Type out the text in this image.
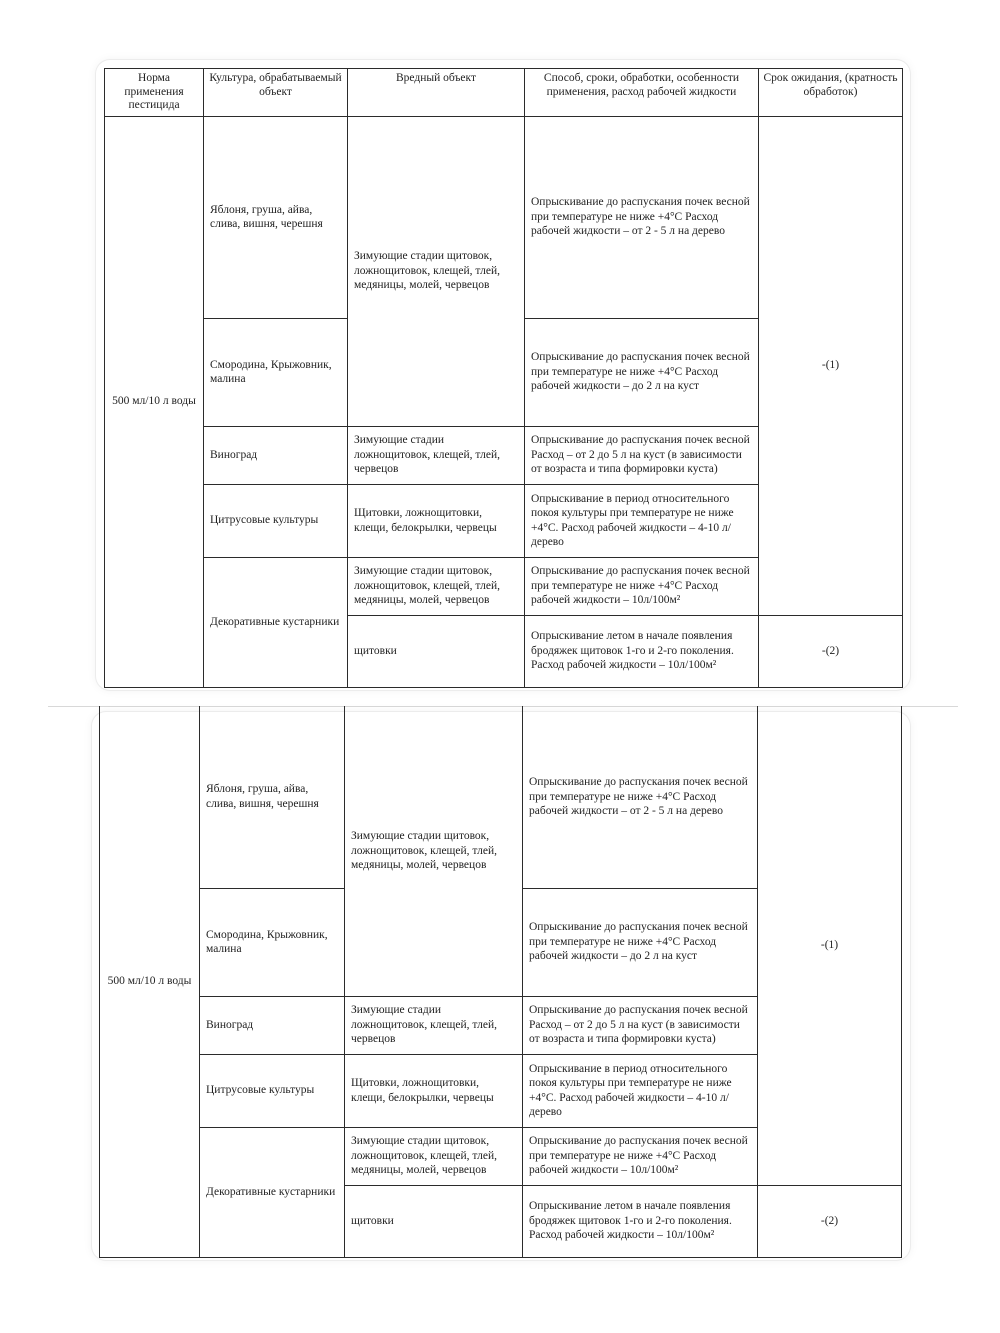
Норма применения пестицида	Культура, обрабатываемый объект	Вредный объект	Способ, сроки, обработки, особенности применения, расход рабочей жидкости	Срок ожидания, (кратность обработок)
500 мл/10 л воды	Яблоня, груша, айва, слива, вишня, черешня	Зимующие стадии щитовок, ложнощитовок, клещей, тлей, медяницы, молей, червецов	Опрыскивание до распускания почек весной при температуре не ниже +4°С Расход рабочей жидкости – от 2 - 5 л на дерево	-(1)
	Смородина, Крыжовник, малина		Опрыскивание до распускания почек весной при температуре не ниже +4°С Расход рабочей жидкости – до 2 л на куст	
	Виноград	Зимующие стадии ложнощитовок, клещей, тлей, червецов	Опрыскивание до распускания почек весной Расход – от 2 до 5 л на куст (в зависимости от возраста и типа формировки куста)	
	Цитрусовые культуры	Щитовки, ложнощитовки, клещи, белокрылки, червецы	Опрыскивание в период относительного покоя культуры при температуре не ниже +4°С. Расход рабочей жидкости – 4-10 л/дерево	
	Декоративные кустарники	Зимующие стадии щитовок, ложнощитовок, клещей, тлей, медяницы, молей, червецов	Опрыскивание до распускания почек весной при температуре не ниже +4°С Расход рабочей жидкости – 10л/100м²	
		щитовки	Опрыскивание летом в начале появления бродяжек щитовок 1-го и 2-го поколения. Расход рабочей жидкости – 10л/100м²	-(2)
500 мл/10 л воды	Яблоня, груша, айва, слива, вишня, черешня	Зимующие стадии щитовок, ложнощитовок, клещей, тлей, медяницы, молей, червецов	Опрыскивание до распускания почек весной при температуре не ниже +4°С Расход рабочей жидкости – от 2 - 5 л на дерево	-(1)
	Смородина, Крыжовник, малина		Опрыскивание до распускания почек весной при температуре не ниже +4°С Расход рабочей жидкости – до 2 л на куст	
	Виноград	Зимующие стадии ложнощитовок, клещей, тлей, червецов	Опрыскивание до распускания почек весной Расход – от 2 до 5 л на куст (в зависимости от возраста и типа формировки куста)	
	Цитрусовые культуры	Щитовки, ложнощитовки, клещи, белокрылки, червецы	Опрыскивание в период относительного покоя культуры при температуре не ниже +4°С. Расход рабочей жидкости – 4-10 л/дерево	
	Декоративные кустарники	Зимующие стадии щитовок, ложнощитовок, клещей, тлей, медяницы, молей, червецов	Опрыскивание до распускания почек весной при температуре не ниже +4°С Расход рабочей жидкости – 10л/100м²	
		щитовки	Опрыскивание летом в начале появления бродяжек щитовок 1-го и 2-го поколения. Расход рабочей жидкости – 10л/100м²	-(2)
